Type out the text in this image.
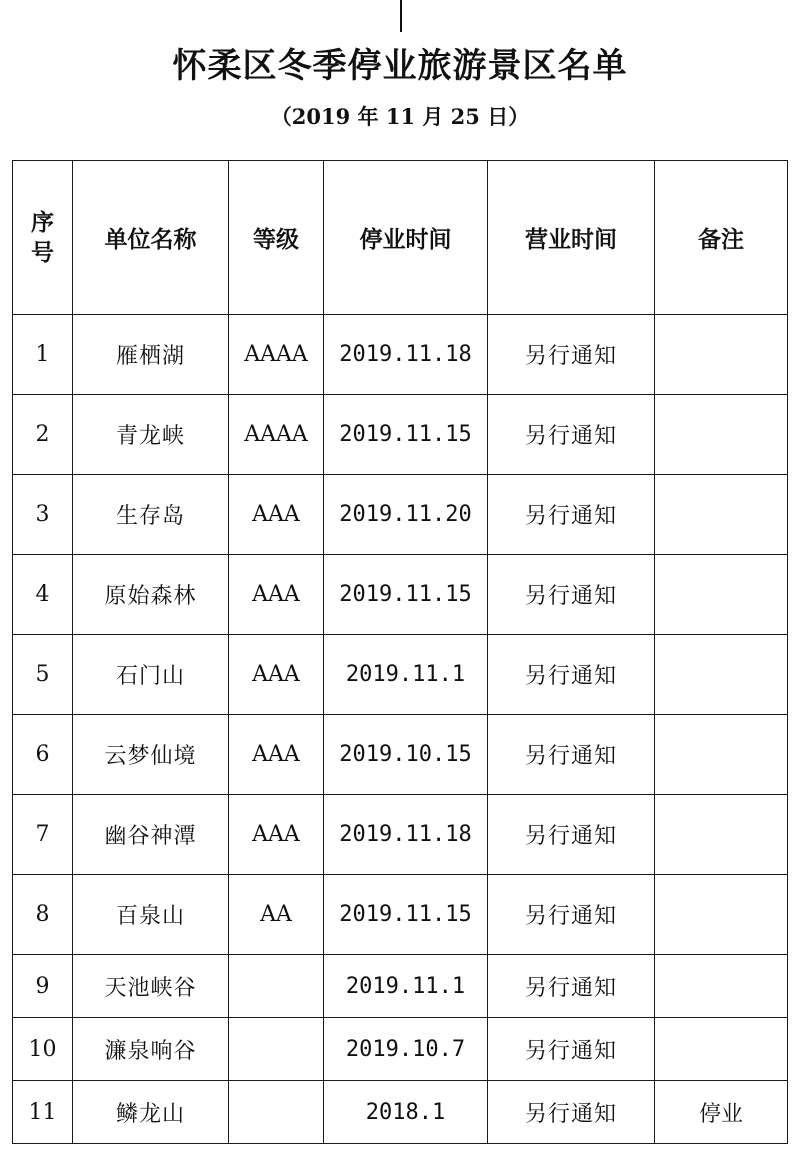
怀柔区冬季停业旅游景区名单
（2019 年 11 月 25 日）
序
号	单位名称	等级	停业时间	营业时间	备注
1	雁栖湖	AAAA	2019.11.18	另行通知	
2	青龙峡	AAAA	2019.11.15	另行通知	
3	生存岛	AAA	2019.11.20	另行通知	
4	原始森林	AAA	2019.11.15	另行通知	
5	石门山	AAA	2019.11.1	另行通知	
6	云梦仙境	AAA	2019.10.15	另行通知	
7	幽谷神潭	AAA	2019.11.18	另行通知	
8	百泉山	AA	2019.11.15	另行通知	
9	天池峡谷		2019.11.1	另行通知	
10	濂泉响谷		2019.10.7	另行通知	
11	鳞龙山		2018.1	另行通知	停业
